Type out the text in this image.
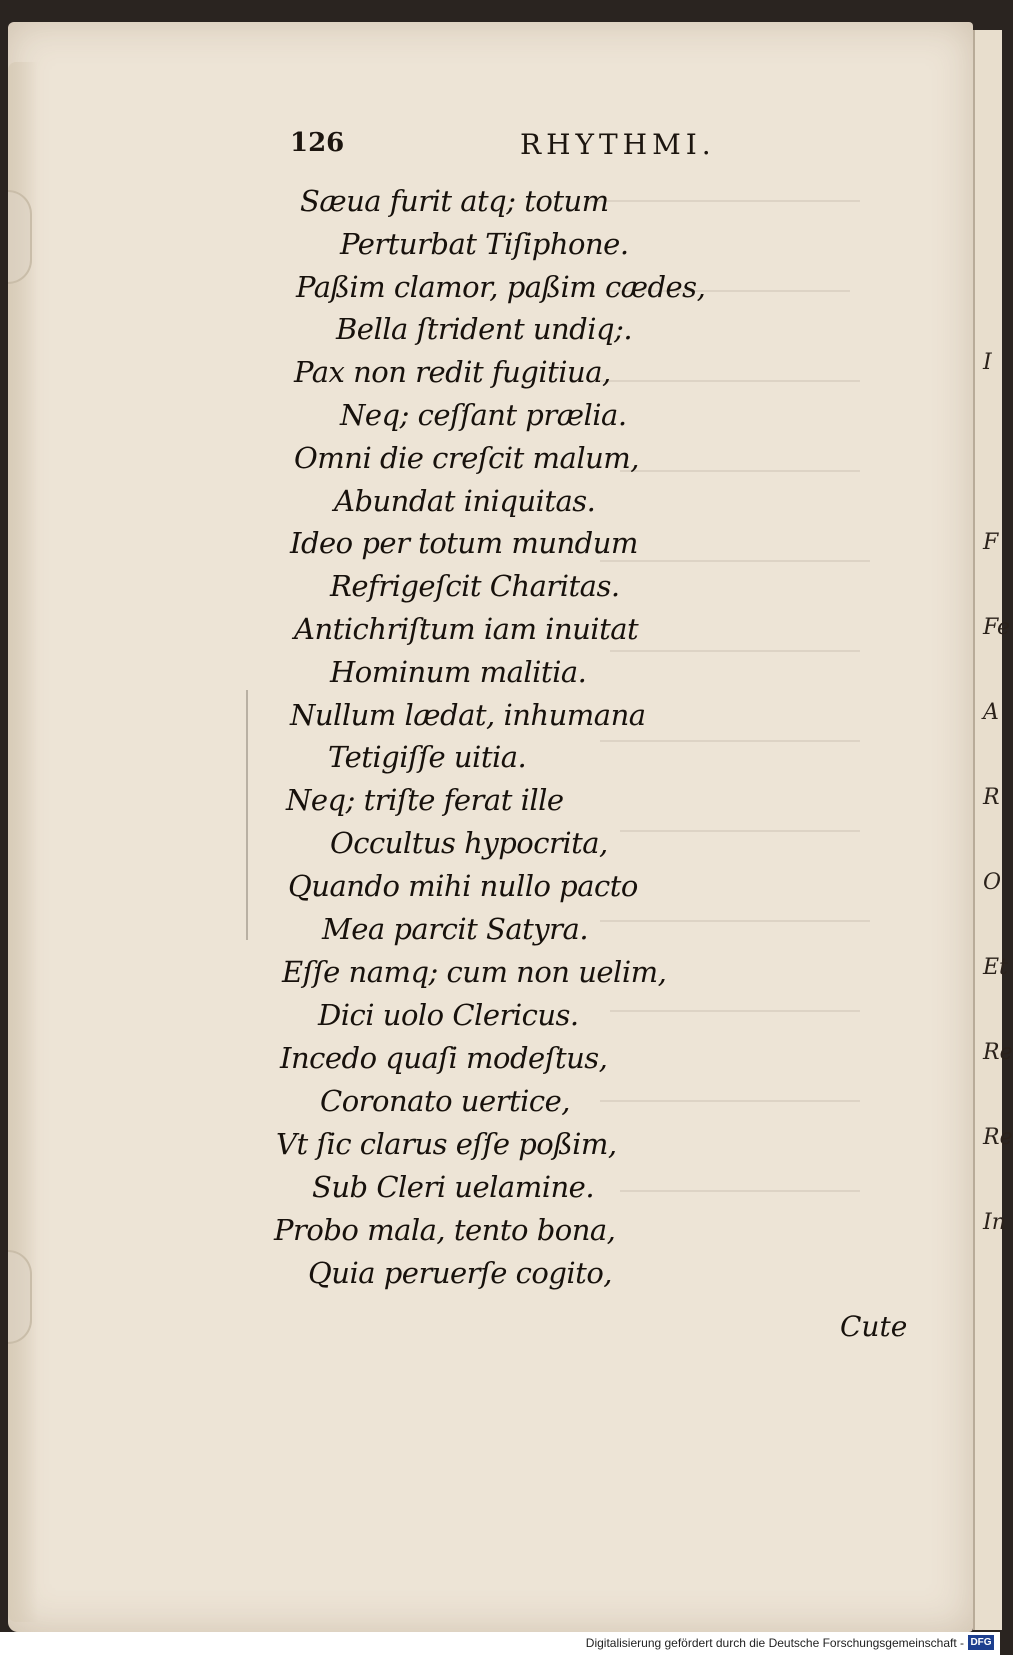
I
F
Fe
A
R
O
Et
Re
Re
In
126	RHYTHMI.
Sæua furit atq; totum
Perturbat Tiſiphone.
Paßim clamor, paßim cædes,
Bella ſtrident undiq;.
Pax non redit fugitiua,
Neq; ceſſant prælia.
Omni die creſcit malum,
Abundat iniquitas.
Ideo per totum mundum
Refrigeſcit Charitas.
Antichriſtum iam inuitat
Hominum malitia.
Nullum lædat, inhumana
Tetigiſſe uitia.
Neq; triſte ferat ille
Occultus hypocrita,
Quando mihi nullo pacto
Mea parcit Satyra.
Eſſe namq; cum non uelim,
Dici uolo Clericus.
Incedo quaſi modeſtus,
Coronato uertice,
Vt ſic clarus eſſe poßim,
Sub Cleri uelamine.
Probo mala, tento bona,
Quia peruerſe cogito,
Cute
Digitalisierung gefördert durch die Deutsche Forschungsgemeinschaft - DFG
